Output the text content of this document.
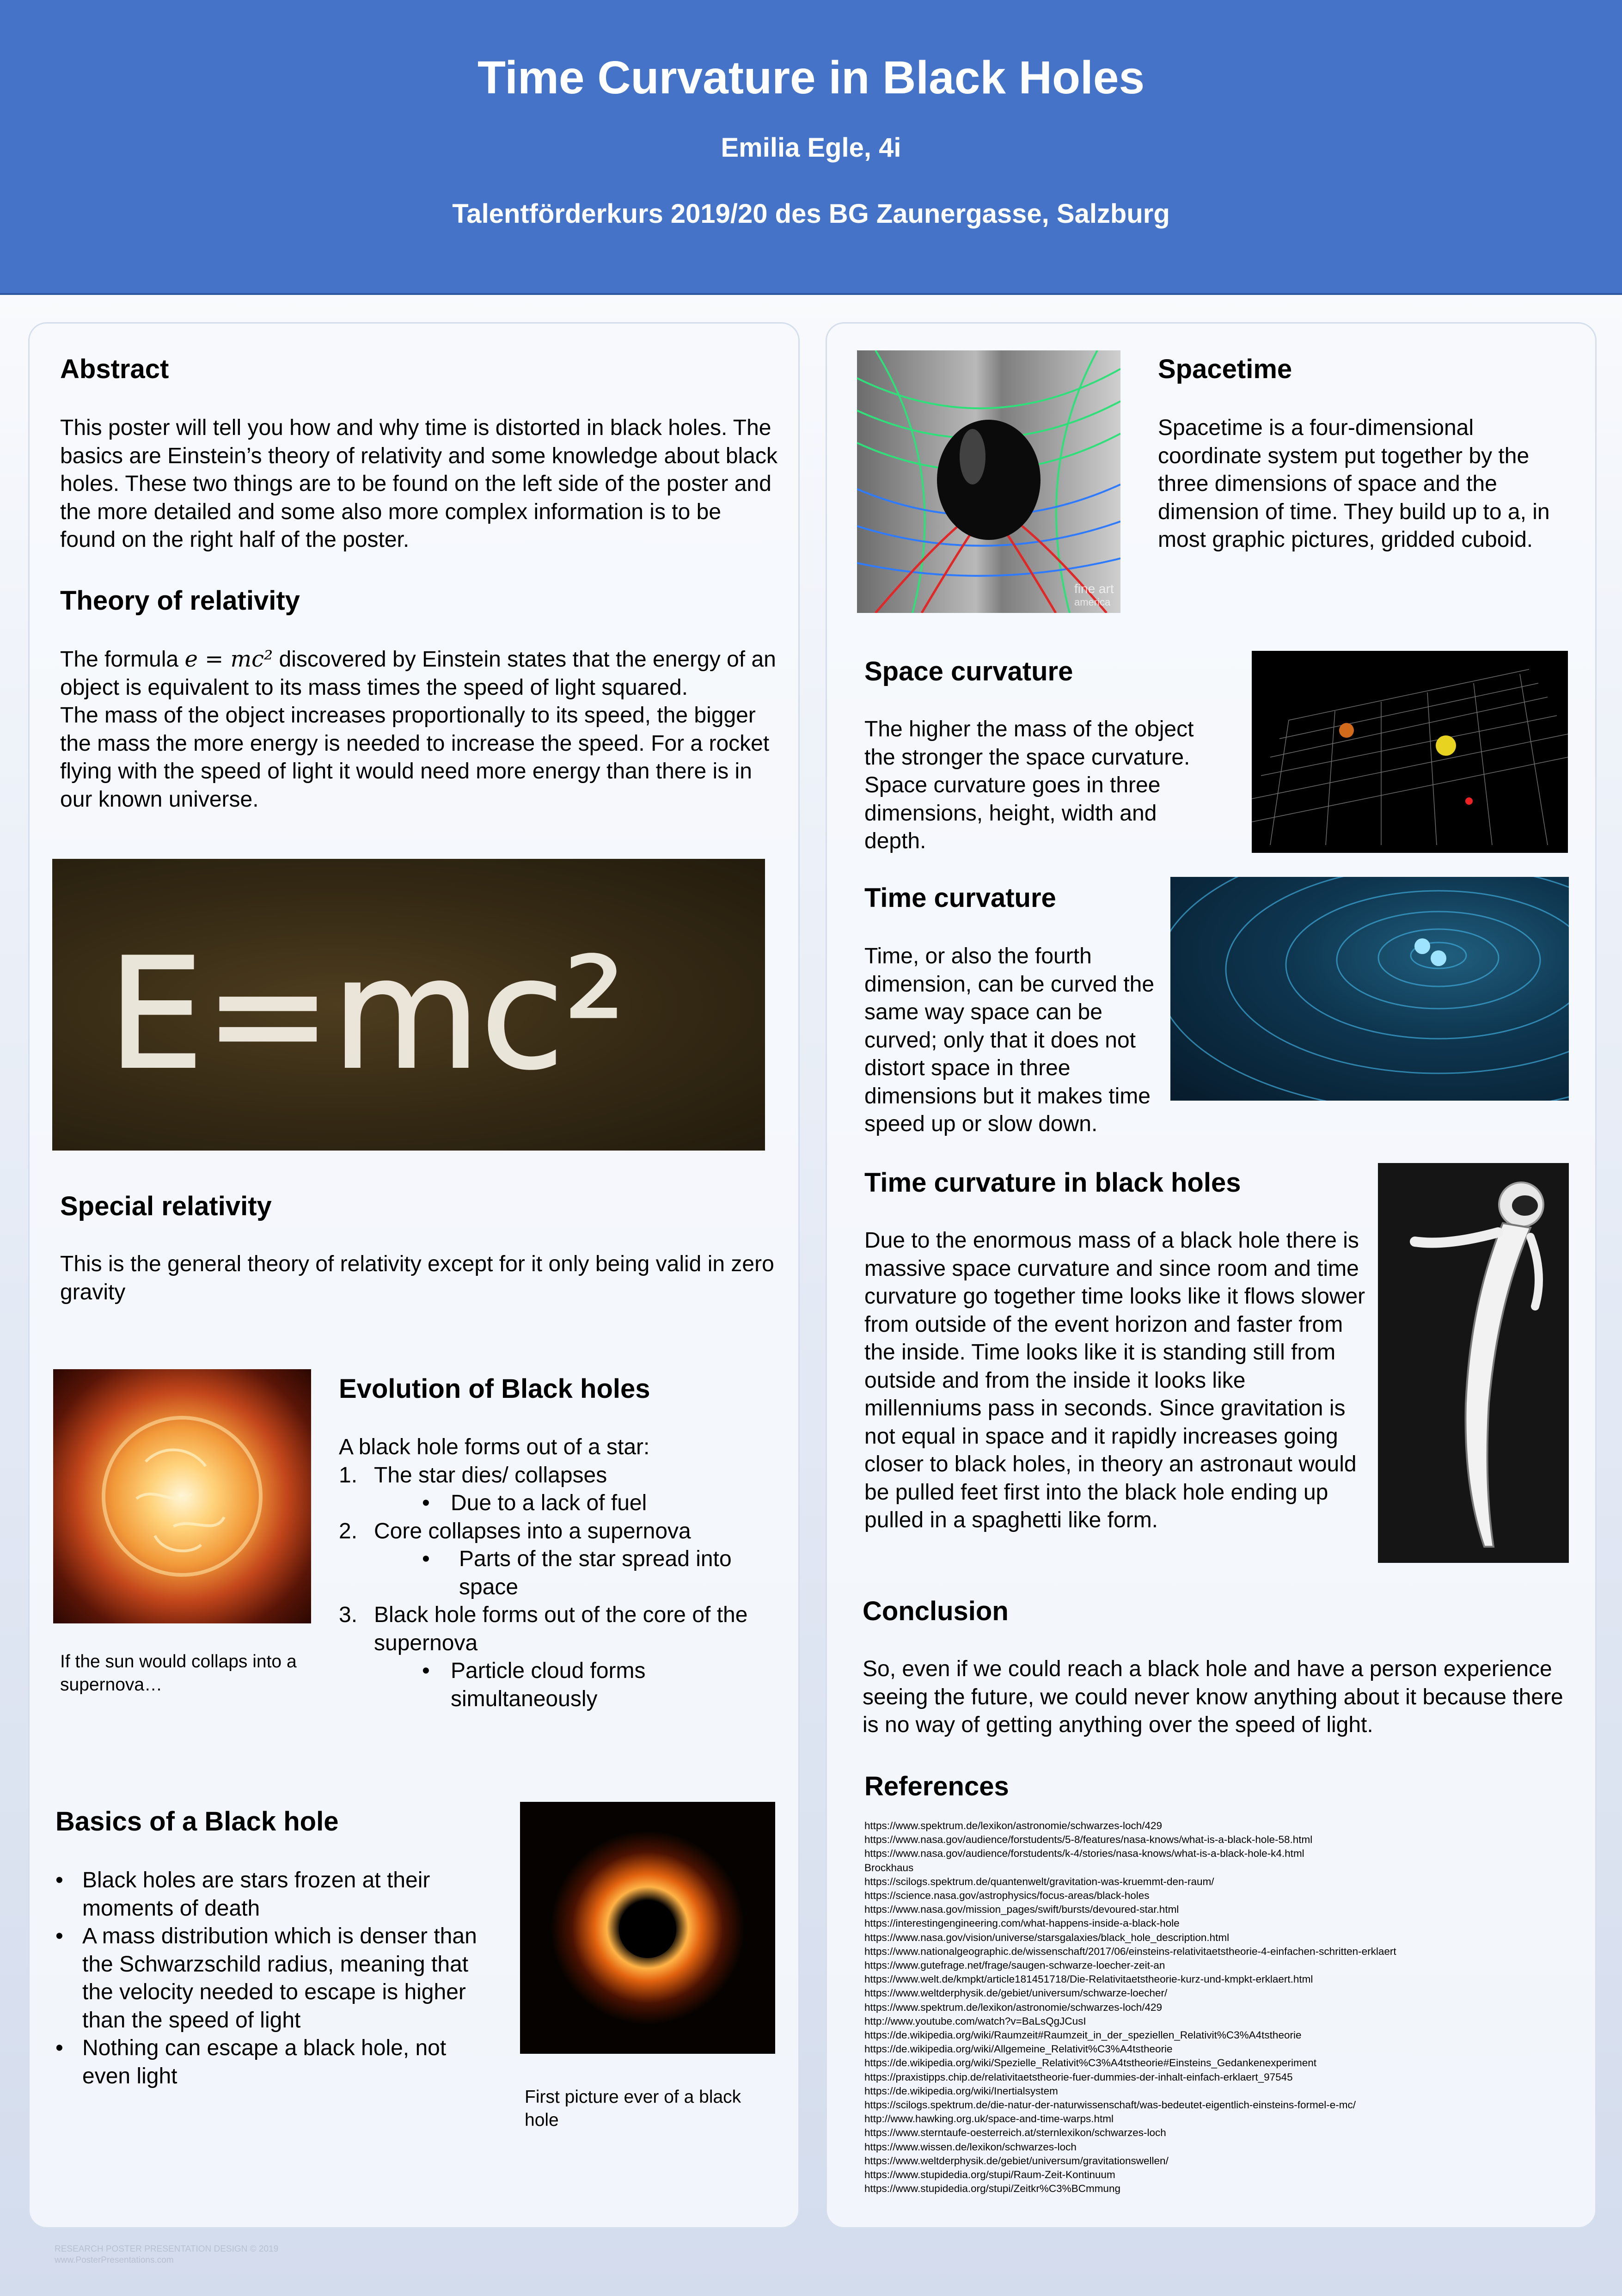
Time Curvature in Black Holes
Emilia Egle, 4i
Talentförderkurs 2019/20 des BG Zaunergasse, Salzburg
Abstract

This poster will tell you how and why time is distorted in black holes. The basics are Einstein’s theory of relativity and some knowledge about black holes. These two things are to be found on the left side of the poster and the more detailed and some also more complex information is to be found on the right half of the poster.

Theory of relativity

The formula e = mc² discovered by Einstein states that the energy of an object is equivalent to its mass times the speed of light squared.

The mass of the object increases proportionally to its speed, the bigger the mass the more energy is needed to increase the speed. For a rocket flying with the speed of light it would need more energy than there is in our known universe.

E=mc²
Special relativity

This is the general theory of relativity except for it only being valid in zero gravity

If the sun would collaps into a supernova…

Evolution of Black holes

A black hole forms out of a star:

1. The star dies/ collapses
• Due to a lack of fuel
2. Core collapses into a supernova
• Parts of the star spread into space
3. Black hole forms out of the core of the supernova
• Particle cloud forms simultaneously
Basics of a Black hole
• Black holes are stars frozen at their moments of death
• A mass distribution which is denser than the Schwarzschild radius, meaning that the velocity needed to escape is higher than the speed of light
• Nothing can escape a black hole, not even light

First picture ever of a black hole

fine art
america
Spacetime

Spacetime is a four-dimensional coordinate system put together by the three dimensions of space and the dimension of time. They build up to a, in most graphic pictures, gridded cuboid.

Space curvature

The higher the mass of the object the stronger the space curvature. Space curvature goes in three dimensions, height, width and depth.

Time curvature

Time, or also the fourth dimension, can be curved the same way space can be curved; only that it does not distort space in three dimensions but it makes time speed up or slow down.

Time curvature in black holes

Due to the enormous mass of a black hole there is massive space curvature and since room and time curvature go together time looks like it flows slower from outside of the event horizon and faster from the inside. Time looks like it is standing still from outside and from the inside it looks like millenniums pass in seconds. Since gravitation is not equal in space and it rapidly increases going closer to black holes, in theory an astronaut would be pulled feet first into the black hole ending up pulled in a spaghetti like form.

Conclusion

So, even if we could reach a black hole and have a person experience seeing the future, we could never know anything about it because there is no way of getting anything over the speed of light.

References
https://www.spektrum.de/lexikon/astronomie/schwarzes-loch/429
https://www.nasa.gov/audience/forstudents/5-8/features/nasa-knows/what-is-a-black-hole-58.html
https://www.nasa.gov/audience/forstudents/k-4/stories/nasa-knows/what-is-a-black-hole-k4.html
Brockhaus
https://scilogs.spektrum.de/quantenwelt/gravitation-was-kruemmt-den-raum/
https://science.nasa.gov/astrophysics/focus-areas/black-holes
https://www.nasa.gov/mission_pages/swift/bursts/devoured-star.html
https://interestingengineering.com/what-happens-inside-a-black-hole
https://www.nasa.gov/vision/universe/starsgalaxies/black_hole_description.html
https://www.nationalgeographic.de/wissenschaft/2017/06/einsteins-relativitaetstheorie-4-einfachen-schritten-erklaert
https://www.gutefrage.net/frage/saugen-schwarze-loecher-zeit-an
https://www.welt.de/kmpkt/article181451718/Die-Relativitaetstheorie-kurz-und-kmpkt-erklaert.html
https://www.weltderphysik.de/gebiet/universum/schwarze-loecher/
https://www.spektrum.de/lexikon/astronomie/schwarzes-loch/429
http://www.youtube.com/watch?v=BaLsQgJCusI
https://de.wikipedia.org/wiki/Raumzeit#Raumzeit_in_der_speziellen_Relativit%C3%A4tstheorie
https://de.wikipedia.org/wiki/Allgemeine_Relativit%C3%A4tstheorie
https://de.wikipedia.org/wiki/Spezielle_Relativit%C3%A4tstheorie#Einsteins_Gedankenexperiment
https://praxistipps.chip.de/relativitaetstheorie-fuer-dummies-der-inhalt-einfach-erklaert_97545
https://de.wikipedia.org/wiki/Inertialsystem
https://scilogs.spektrum.de/die-natur-der-naturwissenschaft/was-bedeutet-eigentlich-einsteins-formel-e-mc/
http://www.hawking.org.uk/space-and-time-warps.html
https://www.sterntaufe-oesterreich.at/sternlexikon/schwarzes-loch
https://www.wissen.de/lexikon/schwarzes-loch
https://www.weltderphysik.de/gebiet/universum/gravitationswellen/
https://www.stupidedia.org/stupi/Raum-Zeit-Kontinuum
https://www.stupidedia.org/stupi/Zeitkr%C3%BCmmung
RESEARCH POSTER PRESENTATION DESIGN © 2019
www.PosterPresentations.com
